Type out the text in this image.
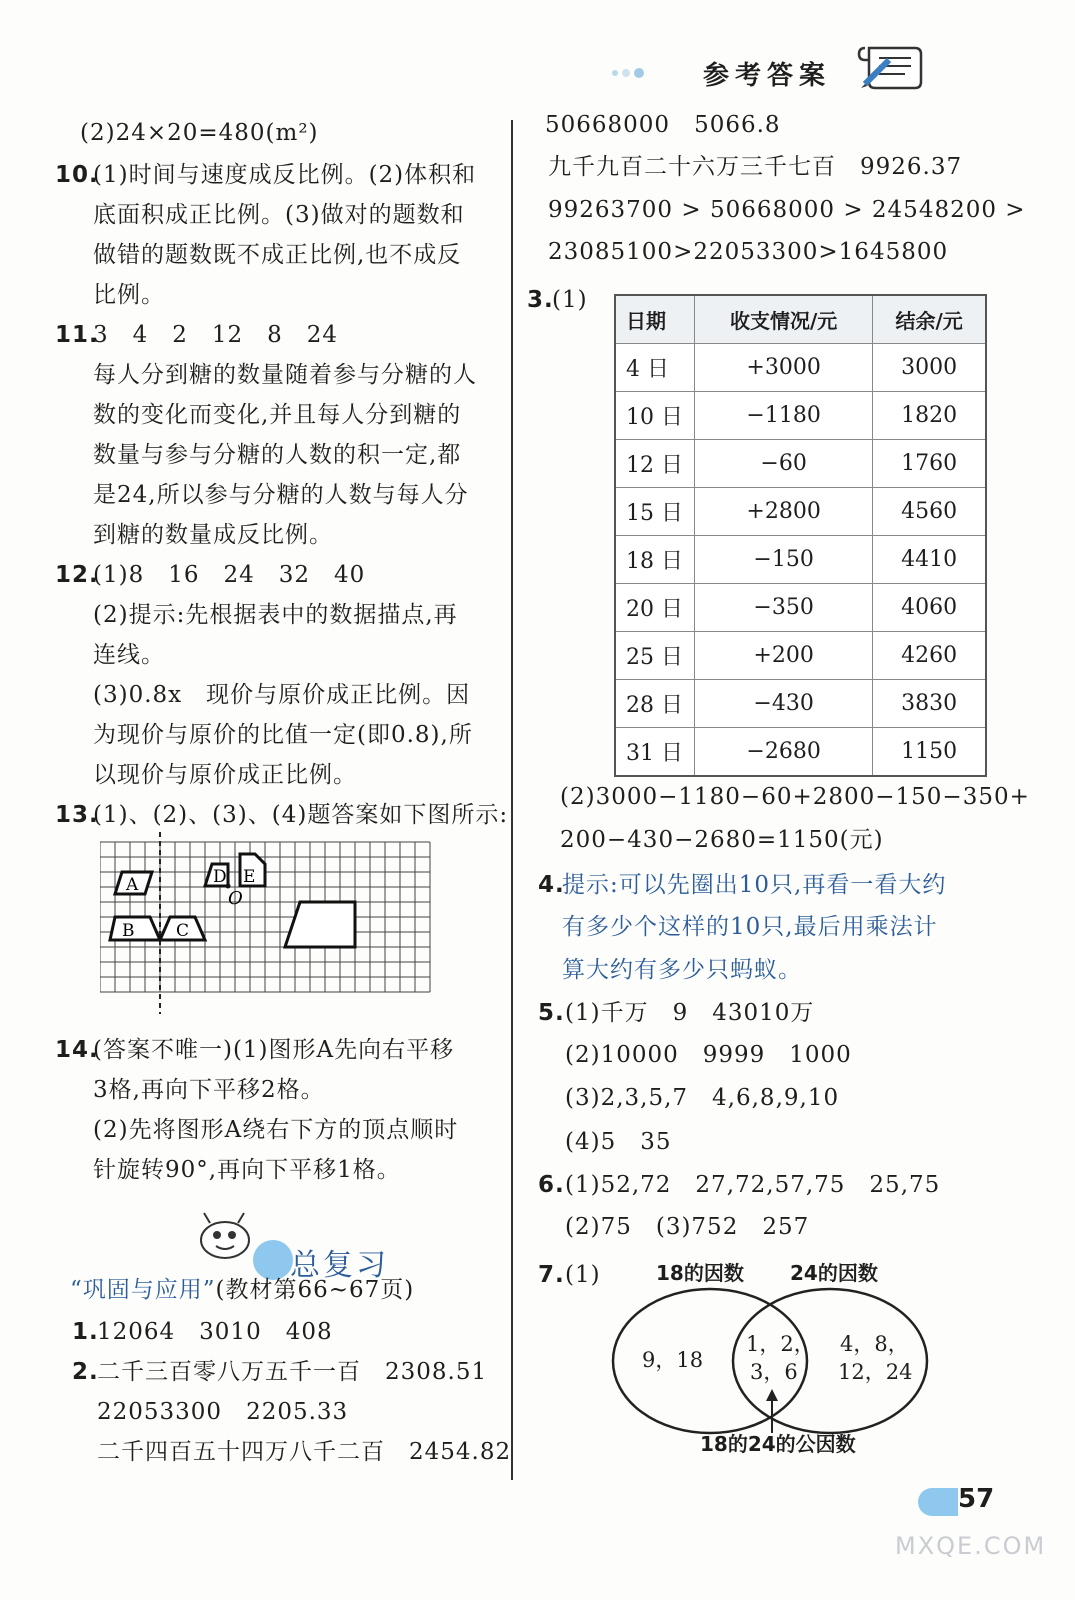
参考答案
(2)24×20=480(m²)
10.
(1)时间与速度成反比例。(2)体积和
底面积成正比例。(3)做对的题数和
做错的题数既不成正比例,也不成反
比例。
11.
3　4　2　12　8　24
每人分到糖的数量随着参与分糖的人
数的变化而变化,并且每人分到糖的
数量与参与分糖的人数的积一定,都
是24,所以参与分糖的人数与每人分
到糖的数量成反比例。
12.
(1)8　16　24　32　40
(2)提示:先根据表中的数据描点,再
连线。
(3)0.8x　现价与原价成正比例。因
为现价与原价的比值一定(即0.8),所
以现价与原价成正比例。
13.
(1)、(2)、(3)、(4)题答案如下图所示:
A
B C
D E
O
14.
(答案不唯一)(1)图形A先向右平移
3格,再向下平移2格。
(2)先将图形A绕右下方的顶点顺时
针旋转90°,再向下平移1格。
总复习
“巩固与应用”(教材第66~67页)
1.
12064　3010　408
2.
二千三百零八万五千一百　2308.51
22053300　2205.33
二千四百五十四万八千二百　2454.82
50668000　5066.8
九千九百二十六万三千七百　9926.37
99263700 > 50668000 > 24548200 >
23085100>22053300>1645800
3.
(1)
日期	收支情况/元	结余/元
4 日	+3000	3000
10 日	−1180	1820
12 日	−60	1760
15 日	+2800	4560
18 日	−150	4410
20 日	−350	4060
25 日	+200	4260
28 日	−430	3830
31 日	−2680	1150
(2)3000−1180−60+2800−150−350+
200−430−2680=1150(元)
4.
提示:可以先圈出10只,再看一看大约
有多少个这样的10只,最后用乘法计
算大约有多少只蚂蚁。
5. (1)千万　9　43010万
(2)10000　9999　1000
(3)2,3,5,7　4,6,8,9,10
(4)5　35
6. (1)52,72　27,72,57,75　25,75
(2)75　(3)752　257
7. (1)	18的因数 24的因数
9，18
1，2，
3，6
4，8，
12，24
18的24的公因数
57
MXQE.COM
